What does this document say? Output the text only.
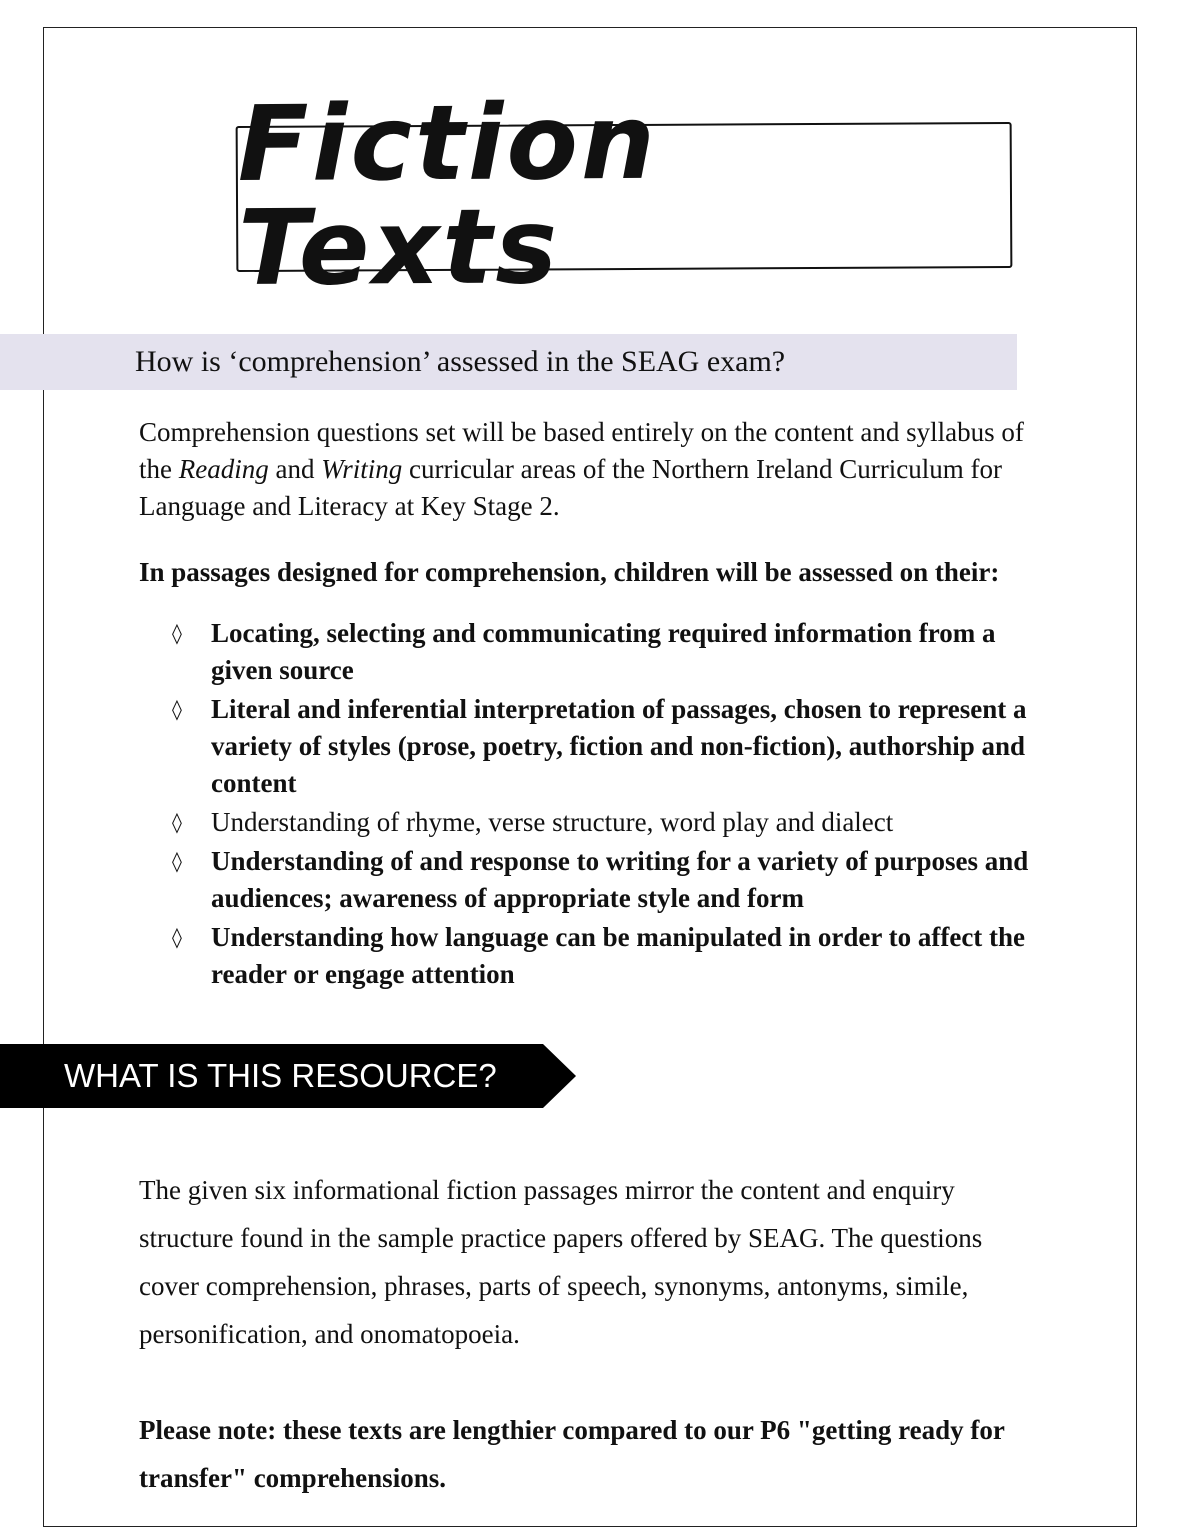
Fiction Texts
How is ‘comprehension’ assessed in the SEAG exam?

Comprehension questions set will be based entirely on the content and syllabus of the Reading and Writing curricular areas of the Northern Ireland Curriculum for Language and Literacy at Key Stage 2.

In passages designed for comprehension, children will be assessed on their:
◊ Locating, selecting and communicating required information from a given source
◊ Literal and inferential interpretation of passages, chosen to represent a variety of styles (prose, poetry, fiction and non-fiction), authorship and content
◊ Understanding of rhyme, verse structure, word play and dialect
◊ Understanding of and response to writing for a variety of purposes and audiences; awareness of appropriate style and form
◊ Understanding how language can be manipulated in order to affect the reader or engage attention
WHAT IS THIS RESOURCE?

The given six informational fiction passages mirror the content and enquiry structure found in the sample practice papers offered by SEAG. The questions cover comprehension, phrases, parts of speech, synonyms, antonyms, simile, personification, and onomatopoeia.

Please note: these texts are lengthier compared to our P6 "getting ready for transfer" comprehensions.
